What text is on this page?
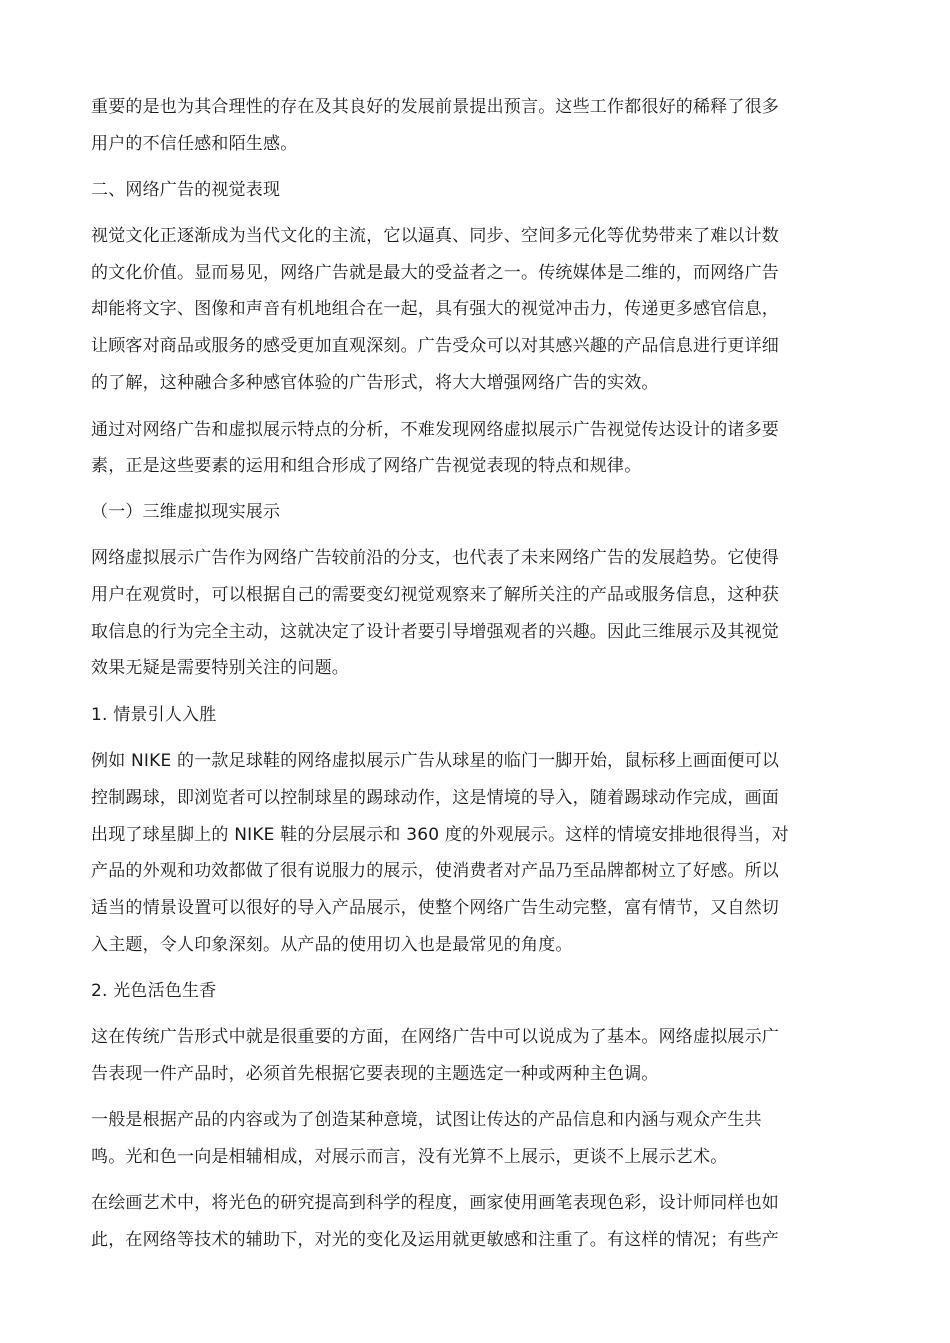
重要的是也为其合理性的存在及其良好的发展前景提出预言。这些工作都很好的稀释了很多
用户的不信任感和陌生感。
二、网络广告的视觉表现
视觉文化正逐渐成为当代文化的主流，它以逼真、同步、空间多元化等优势带来了难以计数
的文化价值。显而易见，网络广告就是最大的受益者之一。传统媒体是二维的，而网络广告
却能将文字、图像和声音有机地组合在一起，具有强大的视觉冲击力，传递更多感官信息，
让顾客对商品或服务的感受更加直观深刻。广告受众可以对其感兴趣的产品信息进行更详细
的了解，这种融合多种感官体验的广告形式，将大大增强网络广告的实效。
通过对网络广告和虚拟展示特点的分析，不难发现网络虚拟展示广告视觉传达设计的诸多要
素，正是这些要素的运用和组合形成了网络广告视觉表现的特点和规律。
（一）三维虚拟现实展示
网络虚拟展示广告作为网络广告较前沿的分支，也代表了未来网络广告的发展趋势。它使得
用户在观赏时，可以根据自己的需要变幻视觉观察来了解所关注的产品或服务信息，这种获
取信息的行为完全主动，这就决定了设计者要引导增强观者的兴趣。因此三维展示及其视觉
效果无疑是需要特别关注的问题。
1. 情景引人入胜
例如 NIKE 的一款足球鞋的网络虚拟展示广告从球星的临门一脚开始，鼠标移上画面便可以
控制踢球，即浏览者可以控制球星的踢球动作，这是情境的导入，随着踢球动作完成，画面
出现了球星脚上的 NIKE 鞋的分层展示和 360 度的外观展示。这样的情境安排地很得当，对
产品的外观和功效都做了很有说服力的展示，使消费者对产品乃至品牌都树立了好感。所以
适当的情景设置可以很好的导入产品展示，使整个网络广告生动完整，富有情节，又自然切
入主题，令人印象深刻。从产品的使用切入也是最常见的角度。
2. 光色活色生香
这在传统广告形式中就是很重要的方面，在网络广告中可以说成为了基本。网络虚拟展示广
告表现一件产品时，必须首先根据它要表现的主题选定一种或两种主色调。
一般是根据产品的内容或为了创造某种意境，试图让传达的产品信息和内涵与观众产生共
鸣。光和色一向是相辅相成，对展示而言，没有光算不上展示，更谈不上展示艺术。
在绘画艺术中，将光色的研究提高到科学的程度，画家使用画笔表现色彩，设计师同样也如
此，在网络等技术的辅助下，对光的变化及运用就更敏感和注重了。有这样的情况；有些产
